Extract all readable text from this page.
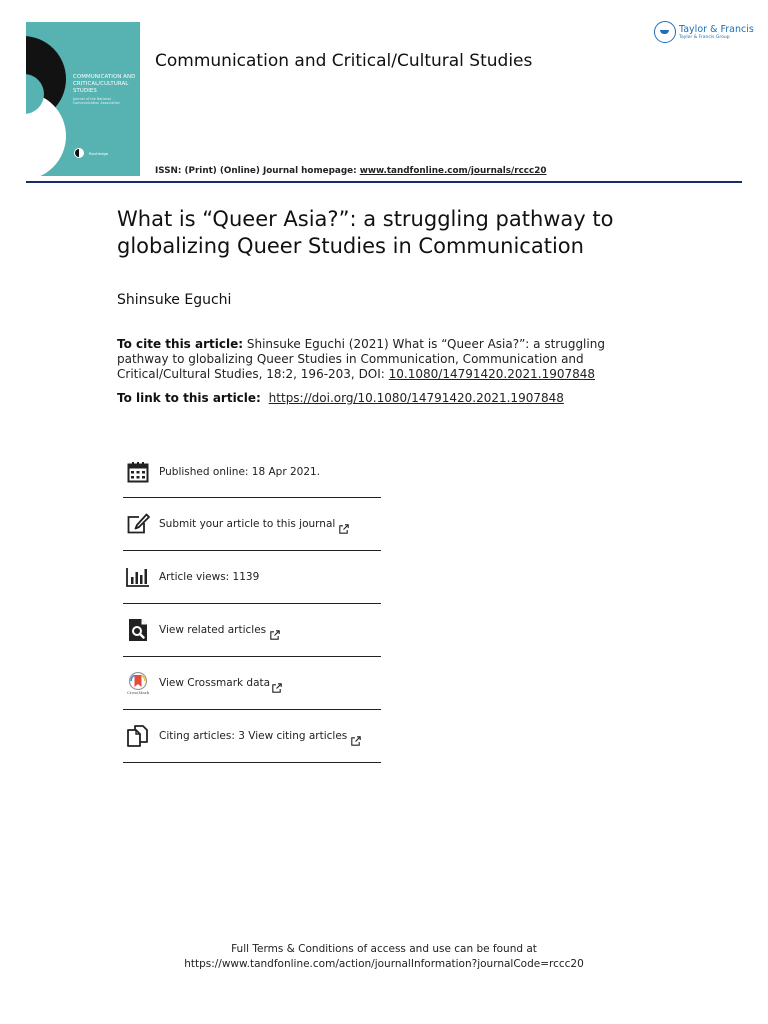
COMMUNICATION AND CRITICAL/CULTURAL STUDIES
Journal of the National Communication Association
Routledge
Communication and Critical/Cultural Studies
Taylor & Francis
Taylor & Francis Group
ISSN: (Print) (Online) Journal homepage: www.tandfonline.com/journals/rccc20
What is “Queer Asia?”: a struggling pathway to globalizing Queer Studies in Communication
Shinsuke Eguchi
To cite this article: Shinsuke Eguchi (2021) What is “Queer Asia?”: a struggling pathway to globalizing Queer Studies in Communication, Communication and Critical/Cultural Studies, 18:2, 196-203, DOI: 10.1080/14791420.2021.1907848
To link to this article: https://doi.org/10.1080/14791420.2021.1907848
Published online: 18 Apr 2021.
Submit your article to this journal
Article views: 1139
View related articles
CrossMark
View Crossmark data
Citing articles: 3 View citing articles
Full Terms & Conditions of access and use can be found at
https://www.tandfonline.com/action/journalInformation?journalCode=rccc20
